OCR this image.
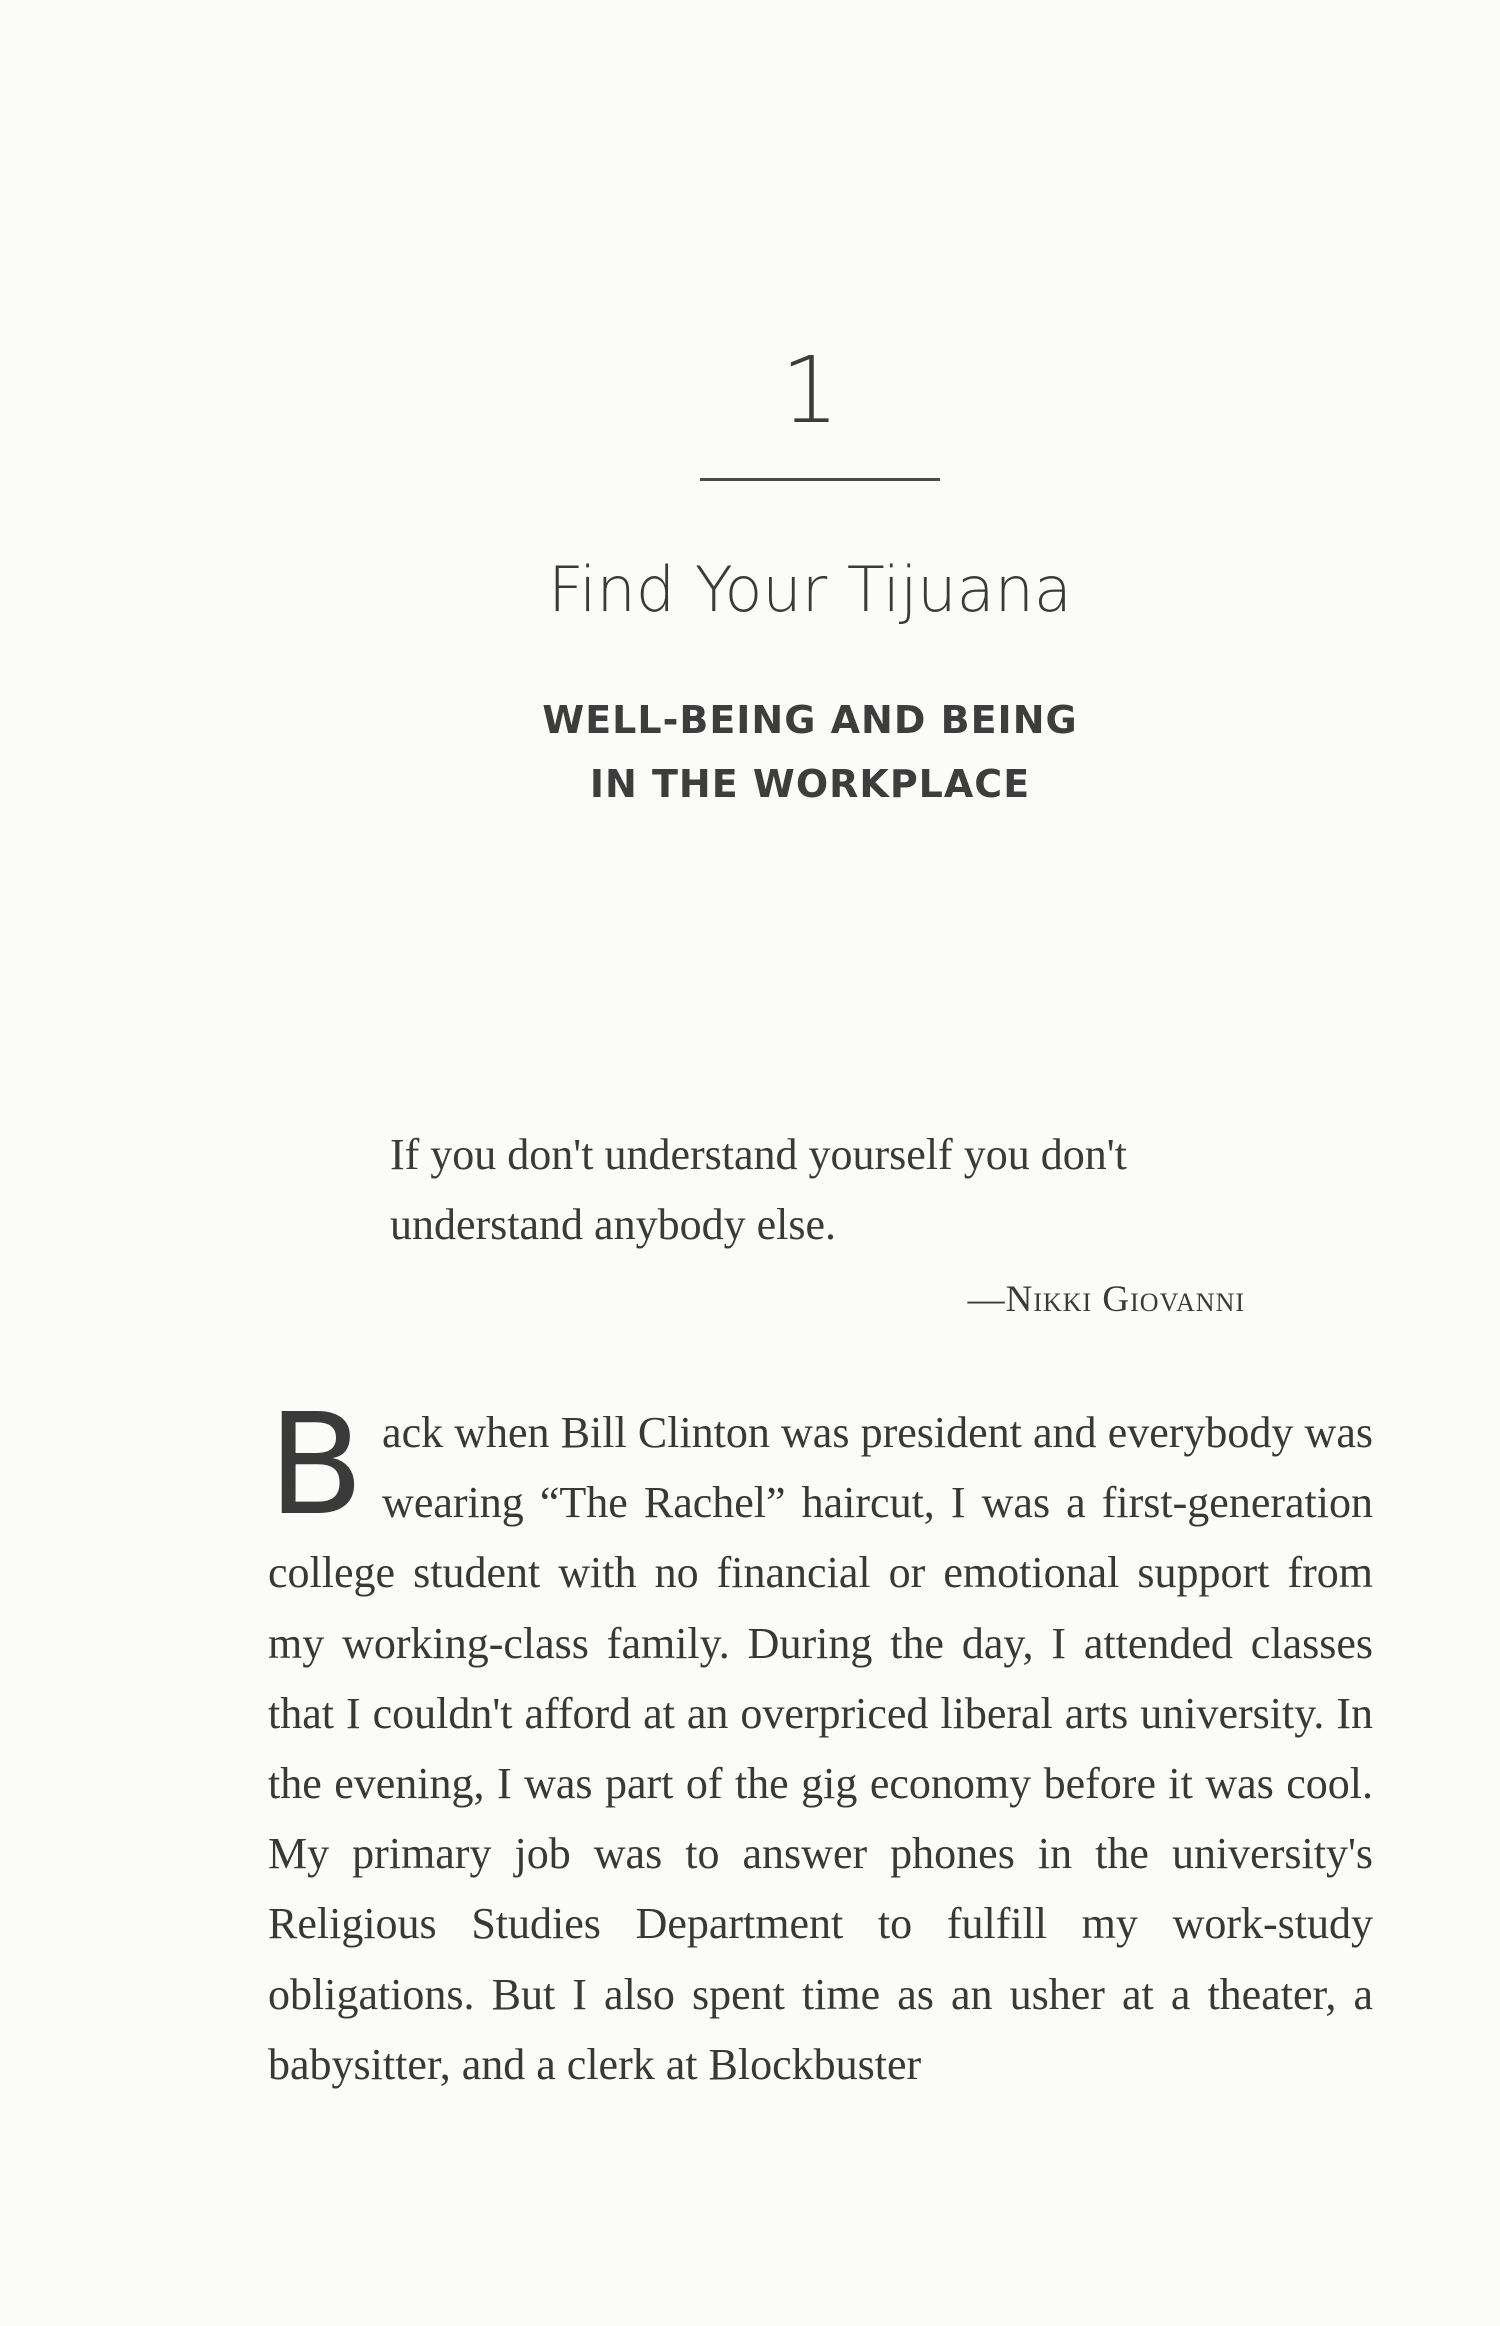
1
Find Your Tijuana
WELL-BEING AND BEING
IN THE WORKPLACE
If you don't understand yourself you don't understand anybody else.
—Nikki Giovanni

Back when Bill Clinton was president and everybody was wearing “The Rachel” haircut, I was a first-generation college student with no financial or emotional support from my working-class family. During the day, I attended classes that I couldn't afford at an overpriced liberal arts university. In the evening, I was part of the gig economy before it was cool. My primary job was to answer phones in the university's Religious Studies Department to fulfill my work-study obligations. But I also spent time as an usher at a theater, a babysitter, and a clerk at Blockbuster
